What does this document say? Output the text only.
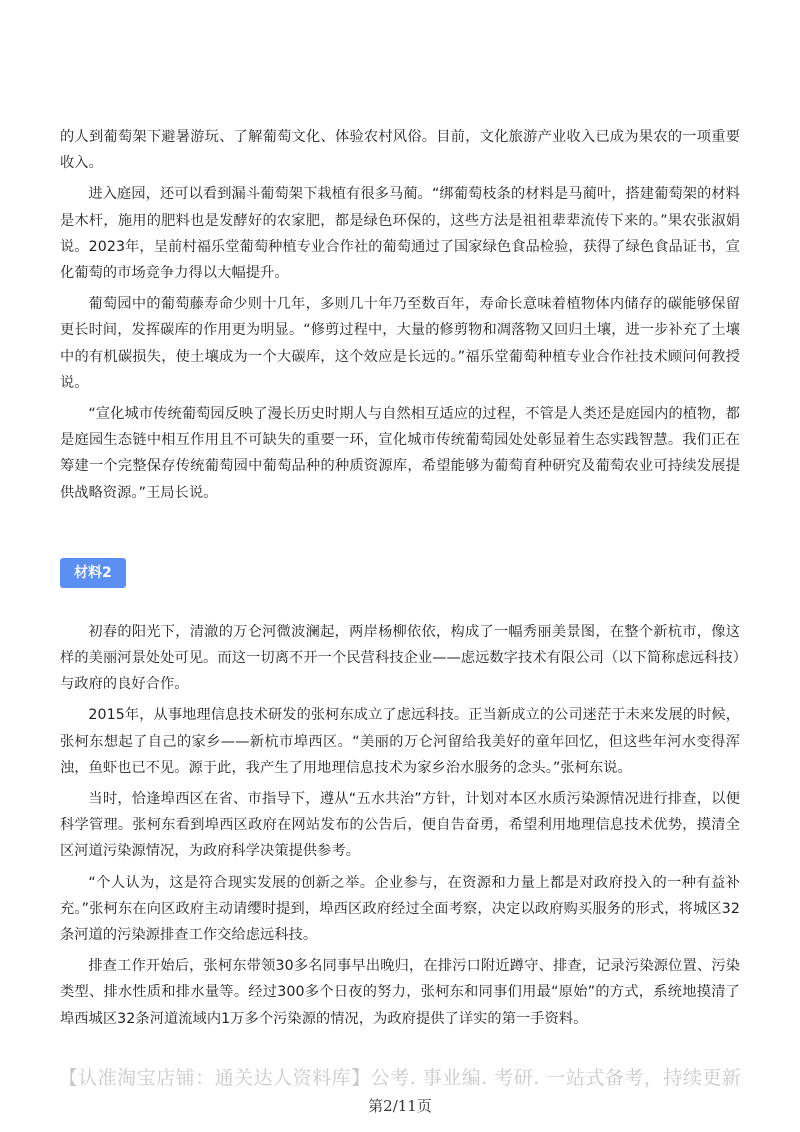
的人到葡萄架下避暑游玩、了解葡萄文化、体验农村风俗。目前，文化旅游产业收入已成为果农的一项重要收入。

进入庭园，还可以看到漏斗葡萄架下栽植有很多马蔺。“绑葡萄枝条的材料是马蔺叶，搭建葡萄架的材料是木杆，施用的肥料也是发酵好的农家肥，都是绿色环保的，这些方法是祖祖辈辈流传下来的。”果农张淑娟说。2023年，呈前村福乐堂葡萄种植专业合作社的葡萄通过了国家绿色食品检验，获得了绿色食品证书，宣化葡萄的市场竞争力得以大幅提升。

葡萄园中的葡萄藤寿命少则十几年，多则几十年乃至数百年，寿命长意味着植物体内储存的碳能够保留更长时间，发挥碳库的作用更为明显。“修剪过程中，大量的修剪物和凋落物又回归土壤，进一步补充了土壤中的有机碳损失，使土壤成为一个大碳库，这个效应是长远的。”福乐堂葡萄种植专业合作社技术顾问何教授说。

“宣化城市传统葡萄园反映了漫长历史时期人与自然相互适应的过程，不管是人类还是庭园内的植物，都是庭园生态链中相互作用且不可缺失的重要一环，宣化城市传统葡萄园处处彰显着生态实践智慧。我们正在筹建一个完整保存传统葡萄园中葡萄品种的种质资源库，希望能够为葡萄育种研究及葡萄农业可持续发展提供战略资源。”王局长说。

材料2

初春的阳光下，清澈的万仑河微波澜起，两岸杨柳依依，构成了一幅秀丽美景图，在整个新杭市，像这样的美丽河景处处可见。而这一切离不开一个民营科技企业——虑远数字技术有限公司（以下简称虑远科技）与政府的良好合作。

2015年，从事地理信息技术研发的张柯东成立了虑远科技。正当新成立的公司迷茫于未来发展的时候，张柯东想起了自己的家乡——新杭市埠西区。“美丽的万仑河留给我美好的童年回忆，但这些年河水变得浑浊，鱼虾也已不见。源于此，我产生了用地理信息技术为家乡治水服务的念头。”张柯东说。

当时，恰逢埠西区在省、市指导下，遵从“五水共治”方针，计划对本区水质污染源情况进行排查，以便科学管理。张柯东看到埠西区政府在网站发布的公告后，便自告奋勇，希望利用地理信息技术优势，摸清全区河道污染源情况，为政府科学决策提供参考。

“个人认为，这是符合现实发展的创新之举。企业参与，在资源和力量上都是对政府投入的一种有益补充。”张柯东在向区政府主动请缨时提到，埠西区政府经过全面考察，决定以政府购买服务的形式，将城区32条河道的污染源排查工作交给虑远科技。

排查工作开始后，张柯东带领30多名同事早出晚归，在排污口附近蹲守、排查，记录污染源位置、污染类型、排水性质和排水量等。经过300多个日夜的努力，张柯东和同事们用最“原始”的方式，系统地摸清了埠西城区32条河道流域内1万多个污染源的情况，为政府提供了详实的第一手资料。

【认准淘宝店铺：通关达人资料库】公考. 事业编. 考研. 一站式备考，持续更新
第2/11页
